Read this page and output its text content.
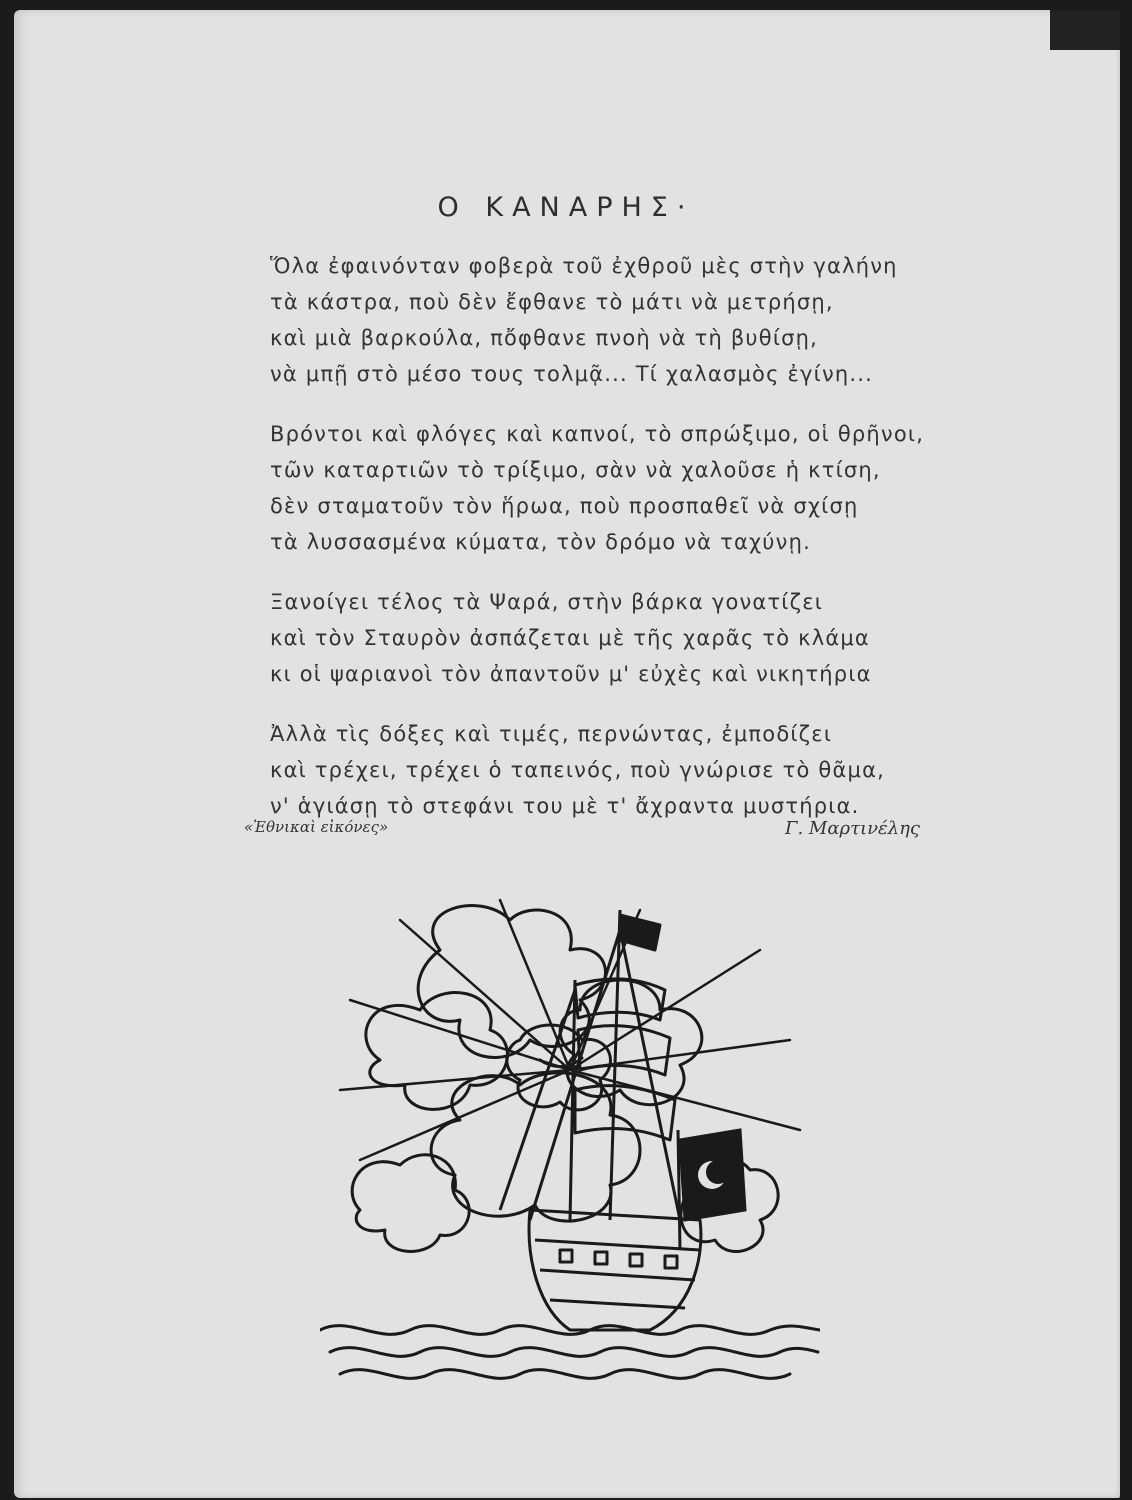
Ο ΚΑΝΑΡΗΣ·
Ὅλα ἐφαινόνταν φοβερὰ τοῦ ἐχθροῦ μὲς στὴν γαλήνη
τὰ κάστρα, ποὺ δὲν ἔφθανε τὸ μάτι νὰ μετρήσῃ,
καὶ μιὰ βαρκούλα, πὄφθανε πνοὴ νὰ τὴ βυθίσῃ,
νὰ μπῇ στὸ μέσο τους τολμᾷ... Τί χαλασμὸς ἐγίνη...
Βρόντοι καὶ φλόγες καὶ καπνοί, τὸ σπρώξιμο, οἱ θρῆνοι,
τῶν καταρτιῶν τὸ τρίξιμο, σὰν νὰ χαλοῦσε ἡ κτίση,
δὲν σταματοῦν τὸν ἥρωα, ποὺ προσπαθεῖ νὰ σχίσῃ
τὰ λυσσασμένα κύματα, τὸν δρόμο νὰ ταχύνῃ.
Ξανοίγει τέλος τὰ Ψαρά, στὴν βάρκα γονατίζει
καὶ τὸν Σταυρὸν ἀσπάζεται μὲ τῆς χαρᾶς τὸ κλάμα
κι οἱ ψαριανοὶ τὸν ἀπαντοῦν μ' εὐχὲς καὶ νικητήρια
Ἀλλὰ τὶς δόξες καὶ τιμές, περνώντας, ἐμποδίζει
καὶ τρέχει, τρέχει ὁ ταπεινός, ποὺ γνώρισε τὸ θᾶμα,
ν' ἁγιάσῃ τὸ στεφάνι του μὲ τ' ἄχραντα μυστήρια.
«Ἐθνικαὶ εἰκόνες»	Γ. Μαρτινέλης
